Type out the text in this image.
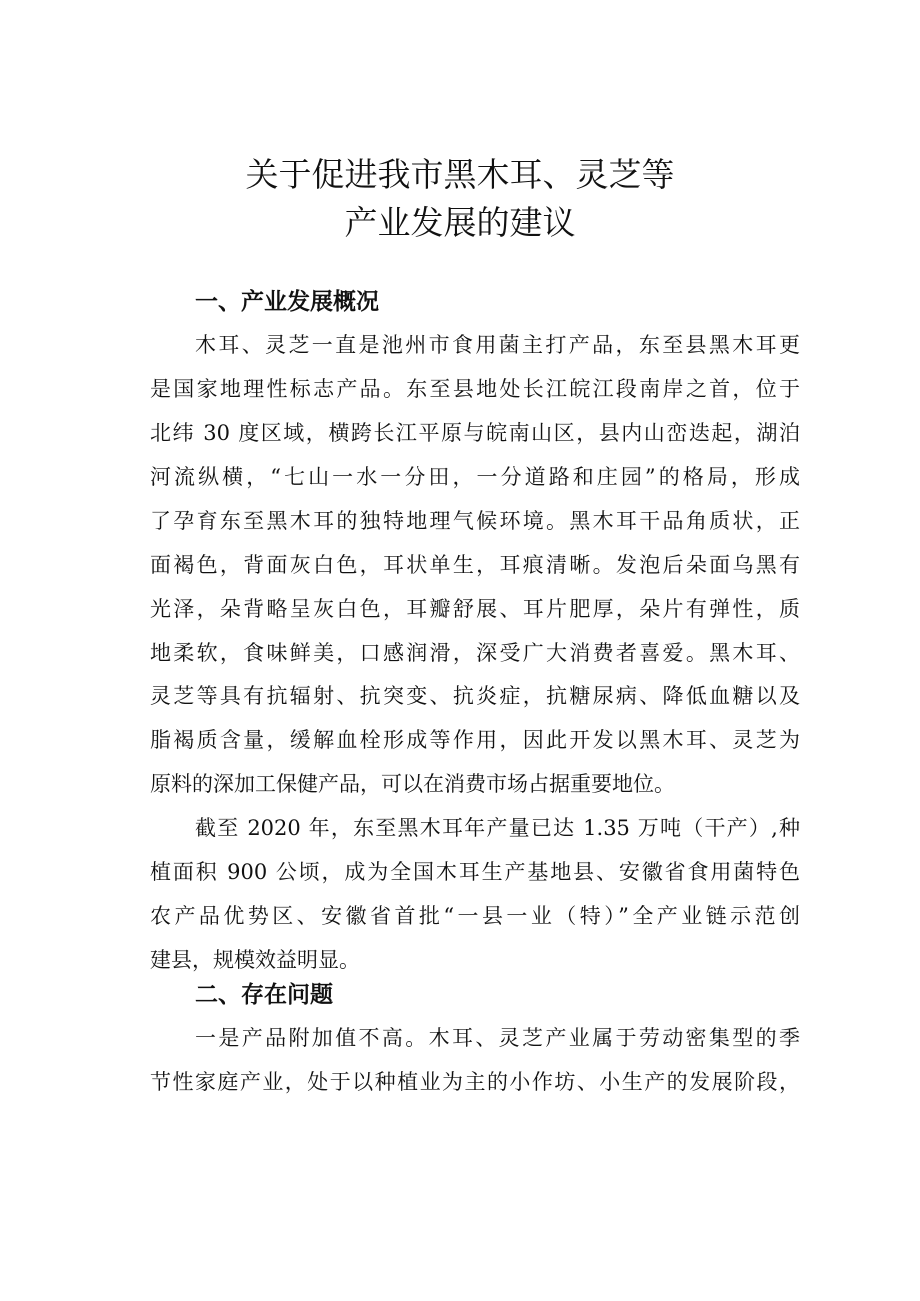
关于促进我市黑木耳、灵芝等
产业发展的建议
一、产业发展概况
木耳、灵芝一直是池州市食用菌主打产品，东至县黑木耳更
是国家地理性标志产品。东至县地处长江皖江段南岸之首，位于
北纬 30 度区域，横跨长江平原与皖南山区，县内山峦迭起，湖泊
河流纵横，“七山一水一分田，一分道路和庄园”的格局，形成
了孕育东至黑木耳的独特地理气候环境。黑木耳干品角质状，正
面褐色，背面灰白色，耳状单生，耳痕清晰。发泡后朵面乌黑有
光泽，朵背略呈灰白色，耳瓣舒展、耳片肥厚，朵片有弹性，质
地柔软，食味鲜美，口感润滑，深受广大消费者喜爱。黑木耳、
灵芝等具有抗辐射、抗突变、抗炎症，抗糖尿病、降低血糖以及
脂褐质含量，缓解血栓形成等作用，因此开发以黑木耳、灵芝为
原料的深加工保健产品，可以在消费市场占据重要地位。
截至 2020 年，东至黑木耳年产量已达 1.35 万吨（干产）,种
植面积 900 公顷，成为全国木耳生产基地县、安徽省食用菌特色
农产品优势区、安徽省首批“一县一业（特）”全产业链示范创
建县，规模效益明显。
二、存在问题
一是产品附加值不高。木耳、灵芝产业属于劳动密集型的季
节性家庭产业，处于以种植业为主的小作坊、小生产的发展阶段，
